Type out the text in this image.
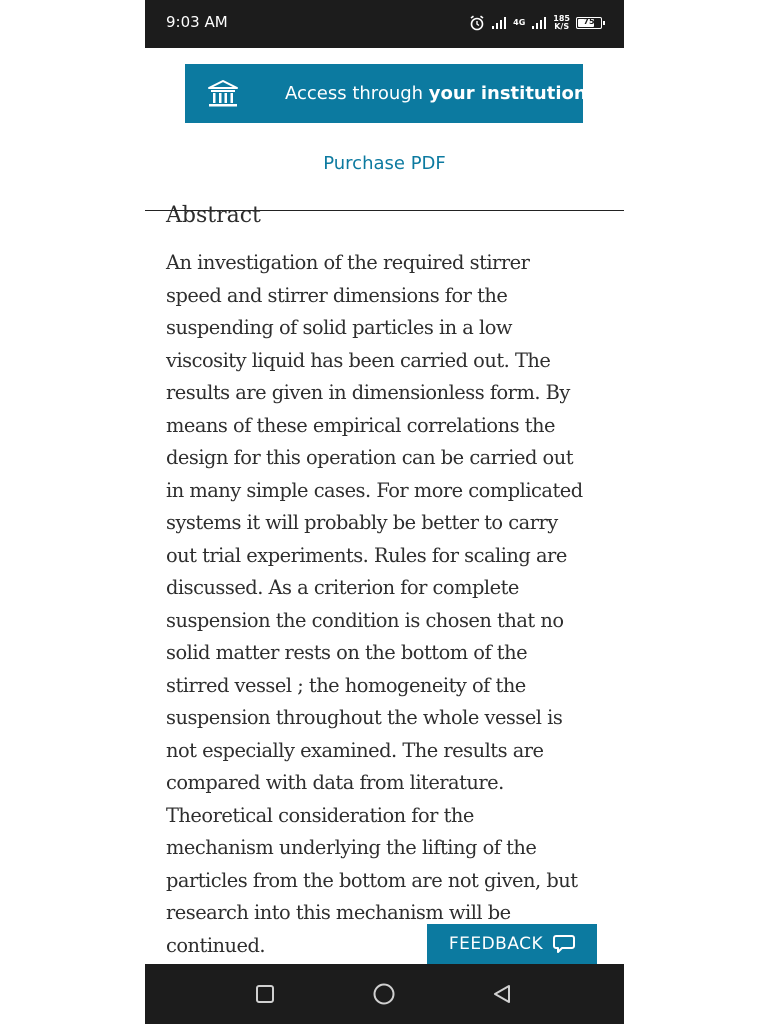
9:03 AM	4G	185
K/S
75
Access through your institution
Purchase PDF
Abstract

An investigation of the required stirrer
speed and stirrer dimensions for the
suspending of solid particles in a low
viscosity liquid has been carried out. The
results are given in dimensionless form. By
means of these empirical correlations the
design for this operation can be carried out
in many simple cases. For more complicated
systems it will probably be better to carry
out trial experiments. Rules for scaling are
discussed. As a criterion for complete
suspension the condition is chosen that no
solid matter rests on the bottom of the
stirred vessel ; the homogeneity of the
suspension throughout the whole vessel is
not especially examined. The results are
compared with data from literature.
Theoretical consideration for the
mechanism underlying the lifting of the
particles from the bottom are not given, but
research into this mechanism will be
continued.	FEEDBACK
